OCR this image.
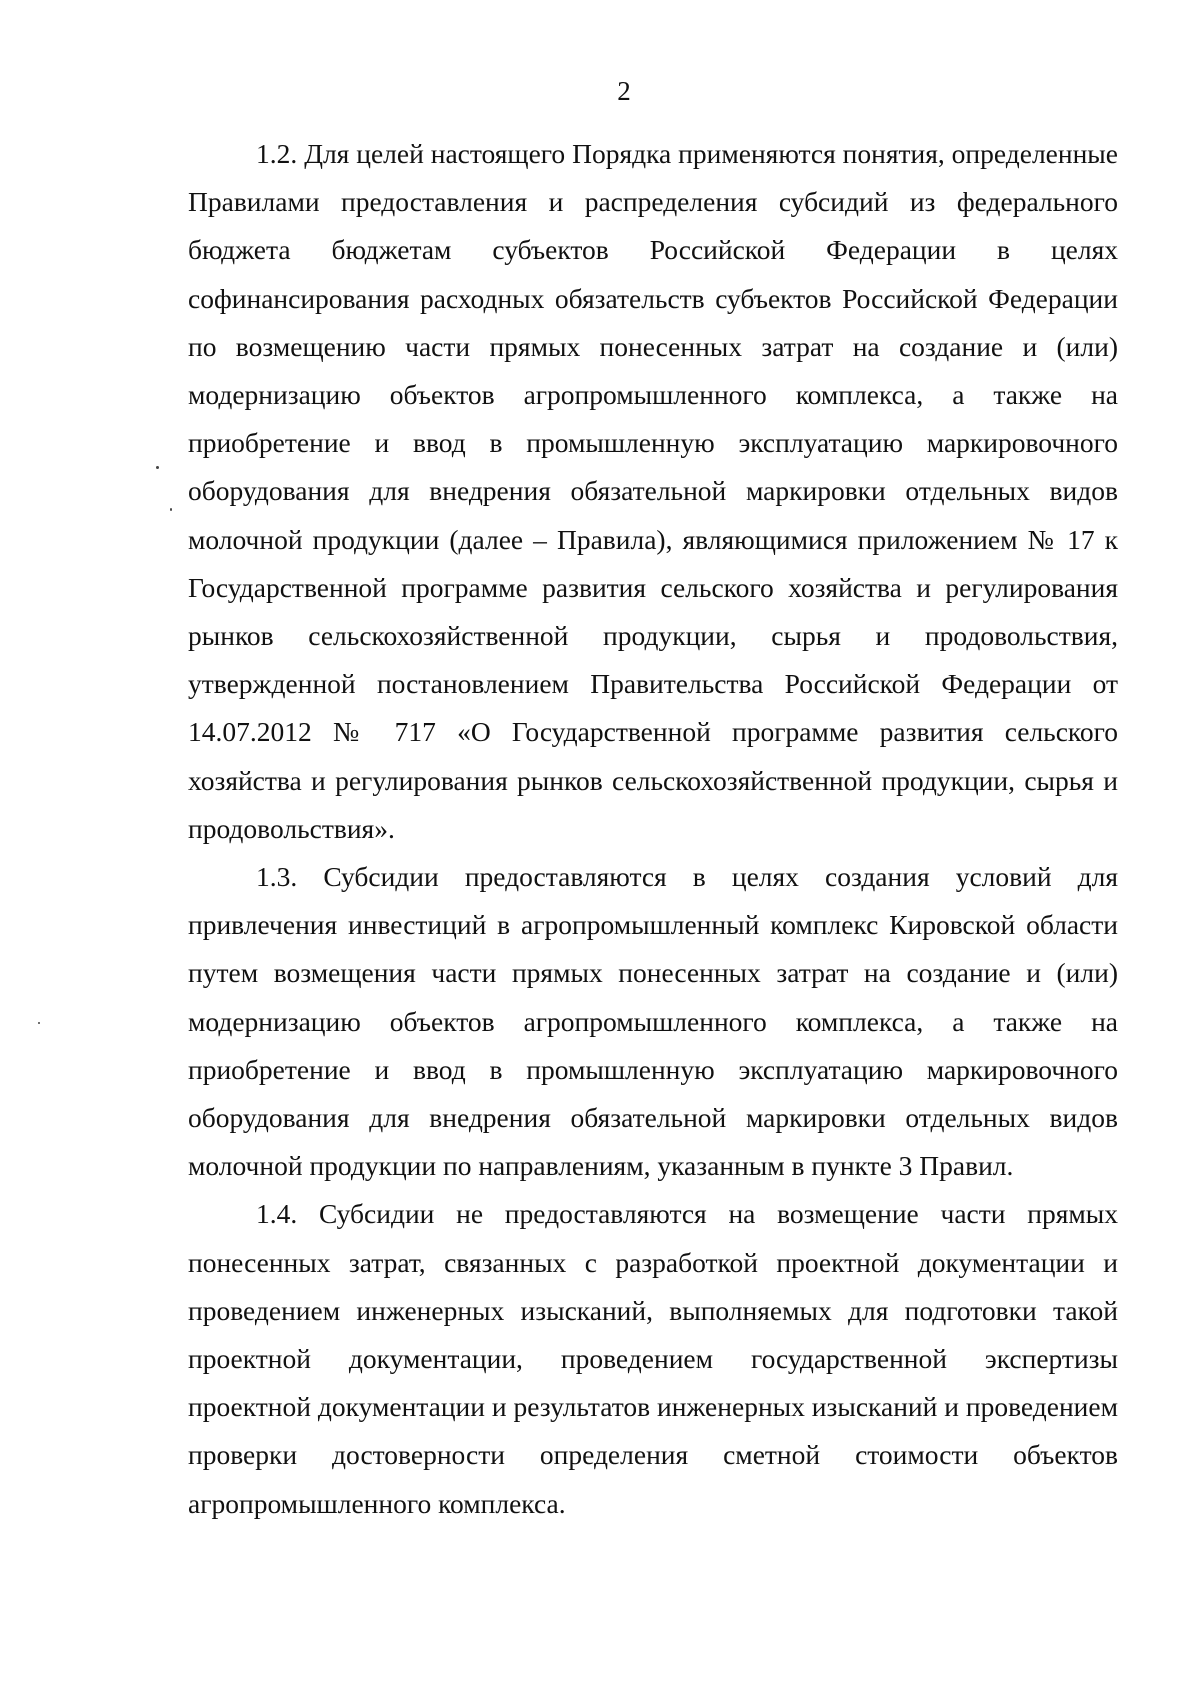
2

1.2. Для целей настоящего Порядка применяются понятия, определенные Правилами предоставления и распределения субсидий из федерального бюджета бюджетам субъектов Российской Федерации в целях софинансирования расходных обязательств субъектов Российской Федерации по возмещению части прямых понесенных затрат на создание и (или) модернизацию объектов агропромышленного комплекса, а также на приобретение и ввод в промышленную эксплуатацию маркировочного оборудования для внедрения обязательной маркировки отдельных видов молочной продукции (далее – Правила), являющимися приложением № 17 к Государственной программе развития сельского хозяйства и регулирования рынков сельскохозяйственной продукции, сырья и продовольствия, утвержденной постановлением Правительства Российской Федерации от 14.07.2012 № 717 «О Государственной программе развития сельского хозяйства и регулирования рынков сельскохозяйственной продукции, сырья и продовольствия».

1.3. Субсидии предоставляются в целях создания условий для привлечения инвестиций в агропромышленный комплекс Кировской области путем возмещения части прямых понесенных затрат на создание и (или) модернизацию объектов агропромышленного комплекса, а также на приобретение и ввод в промышленную эксплуатацию маркировочного оборудования для внедрения обязательной маркировки отдельных видов молочной продукции по направлениям, указанным в пункте 3 Правил.

1.4. Субсидии не предоставляются на возмещение части прямых понесенных затрат, связанных с разработкой проектной документации и проведением инженерных изысканий, выполняемых для подготовки такой проектной документации, проведением государственной экспертизы проектной документации и результатов инженерных изысканий и проведением проверки достоверности определения сметной стоимости объектов агропромышленного комплекса.
